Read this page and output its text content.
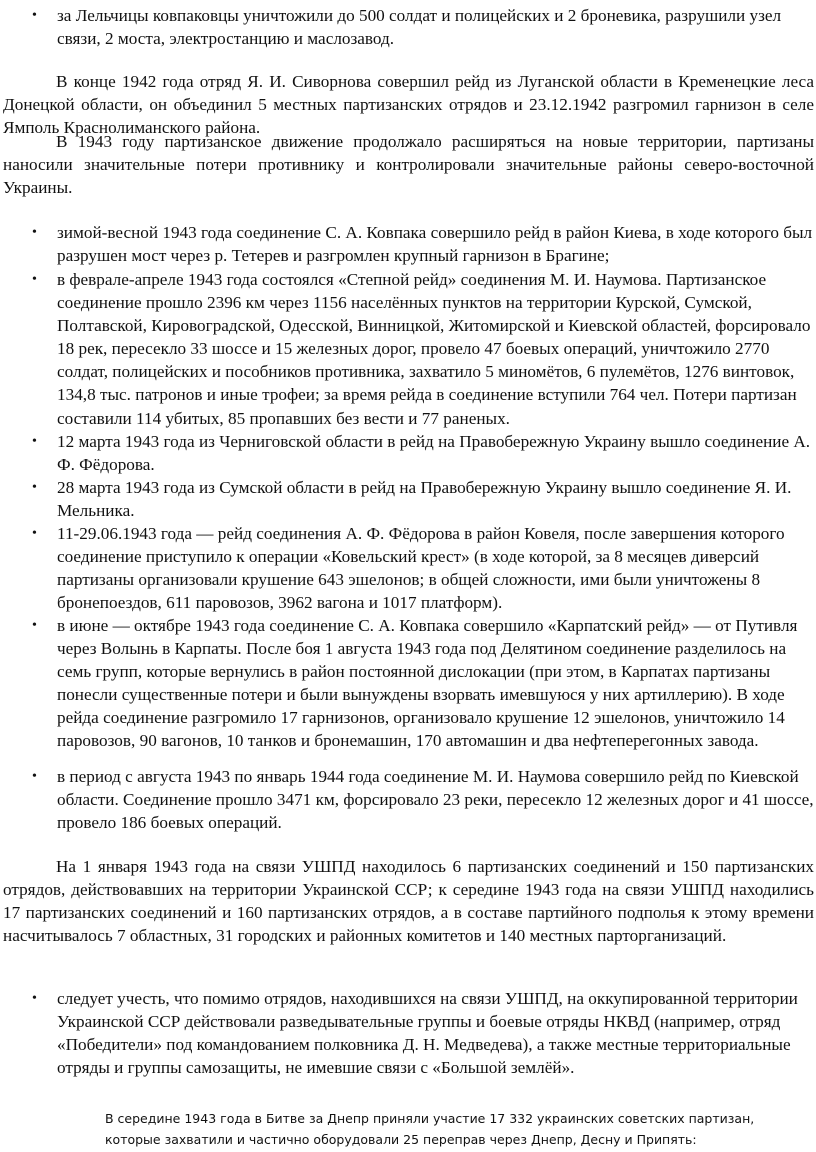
• за Лельчицы ковпаковцы уничтожили до 500 солдат и полицейских и 2 броневика, разрушили узел связи, 2 моста, электростанцию и маслозавод.
В конце 1942 года отряд Я. И. Сиворнова совершил рейд из Луганской области в Кременецкие леса Донецкой области, он объединил 5 местных партизанских отрядов и 23.12.1942 разгромил гарнизон в селе Ямполь Краснолиманского района.
В 1943 году партизанское движение продолжало расширяться на новые территории, партизаны наносили значительные потери противнику и контролировали значительные районы северо-восточной Украины.
• зимой-весной 1943 года соединение С. А. Ковпака совершило рейд в район Киева, в ходе которого был разрушен мост через р. Тетерев и разгромлен крупный гарнизон в Брагине;
• в феврале-апреле 1943 года состоялся «Степной рейд» соединения М. И. Наумова. Партизанское соединение прошло 2396 км через 1156 населённых пунктов на территории Курской, Сумской, Полтавской, Кировоградской, Одесской, Винницкой, Житомирской и Киевской областей, форсировало 18 рек, пересекло 33 шоссе и 15 железных дорог, провело 47 боевых операций, уничтожило 2770 солдат, полицейских и пособников противника, захватило 5 миномётов, 6 пулемётов, 1276 винтовок, 134,8 тыс. патронов и иные трофеи; за время рейда в соединение вступили 764 чел. Потери партизан составили 114 убитых, 85 пропавших без вести и 77 раненых.
• 12 марта 1943 года из Черниговской области в рейд на Правобережную Украину вышло соединение А. Ф. Фёдорова.
• 28 марта 1943 года из Сумской области в рейд на Правобережную Украину вышло соединение Я. И. Мельника.
• 11-29.06.1943 года — рейд соединения А. Ф. Фёдорова в район Ковеля, после завершения которого соединение приступило к операции «Ковельский крест» (в ходе которой, за 8 месяцев диверсий партизаны организовали крушение 643 эшелонов; в общей сложности, ими были уничтожены 8 бронепоездов, 611 паровозов, 3962 вагона и 1017 платформ).
• в июне — октябре 1943 года соединение С. А. Ковпака совершило «Карпатский рейд» — от Путивля через Волынь в Карпаты. После боя 1 августа 1943 года под Делятином соединение разделилось на семь групп, которые вернулись в район постоянной дислокации (при этом, в Карпатах партизаны понесли существенные потери и были вынуждены взорвать имевшуюся у них артиллерию). В ходе рейда соединение разгромило 17 гарнизонов, организовало крушение 12 эшелонов, уничтожило 14 паровозов, 90 вагонов, 10 танков и бронемашин, 170 автомашин и два нефтеперегонных завода.
• в период с августа 1943 по январь 1944 года соединение М. И. Наумова совершило рейд по Киевской области. Соединение прошло 3471 км, форсировало 23 реки, пересекло 12 железных дорог и 41 шоссе, провело 186 боевых операций.
На 1 января 1943 года на связи УШПД находилось 6 партизанских соединений и 150 партизанских отрядов, действовавших на территории Украинской ССР; к середине 1943 года на связи УШПД находились 17 партизанских соединений и 160 партизанских отрядов, а в составе партийного подполья к этому времени насчитывалось 7 областных, 31 городских и районных комитетов и 140 местных парторганизаций.
• следует учесть, что помимо отрядов, находившихся на связи УШПД, на оккупированной территории Украинской ССР действовали разведывательные группы и боевые отряды НКВД (например, отряд «Победители» под командованием полковника Д. Н. Медведева), а также местные территориальные отряды и группы самозащиты, не имевшие связи с «Большой землёй».
В середине 1943 года в Битве за Днепр приняли участие 17 332 украинских советских партизан, которые захватили и частично оборудовали 25 переправ через Днепр, Десну и Припять:
